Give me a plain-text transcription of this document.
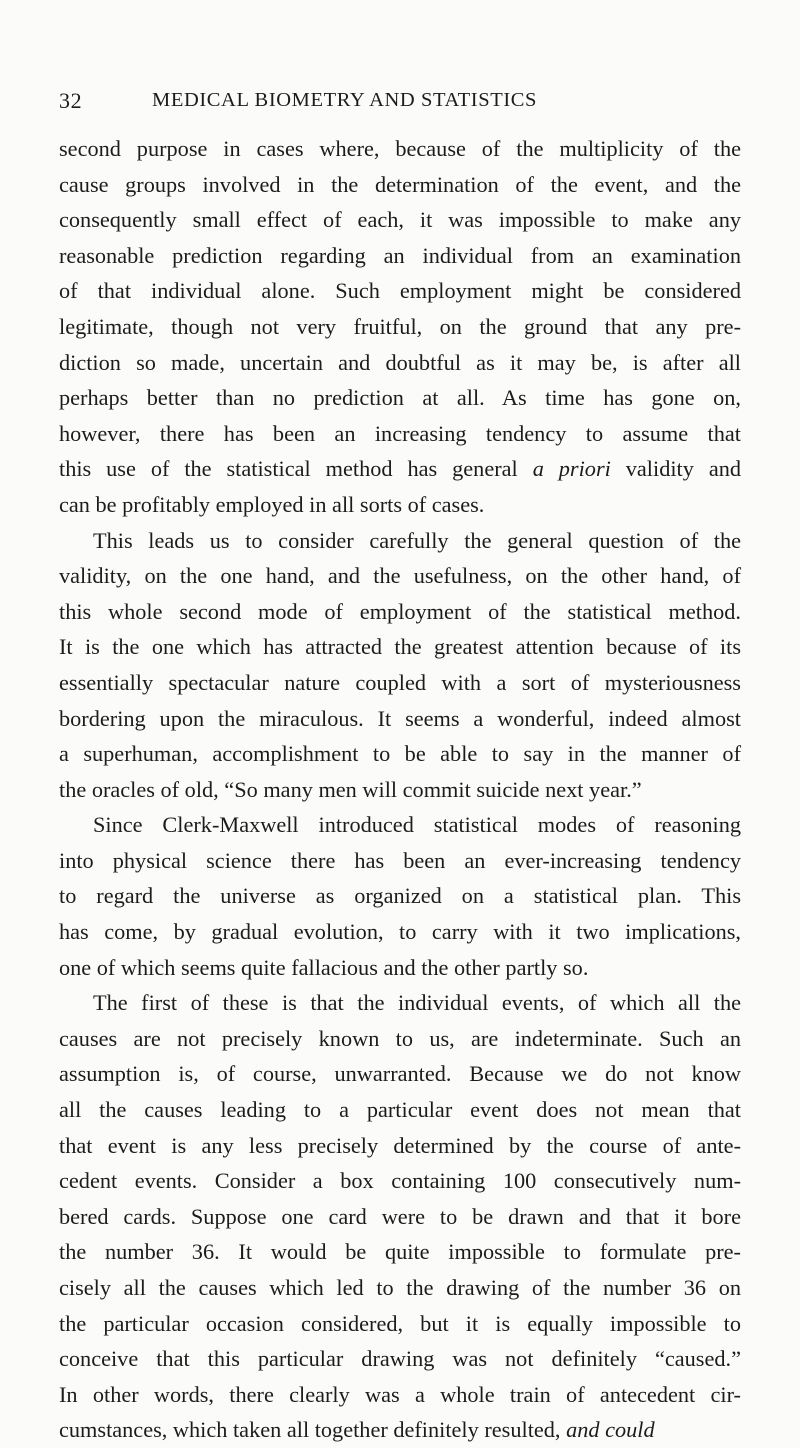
32	MEDICAL BIOMETRY AND STATISTICS
second purpose in cases where, because of the multiplicity of the
cause groups involved in the determination of the event, and the
consequently small effect of each, it was impossible to make any
reasonable prediction regarding an individual from an examination
of that individual alone. Such employment might be considered
legitimate, though not very fruitful, on the ground that any pre-
diction so made, uncertain and doubtful as it may be, is after all
perhaps better than no prediction at all. As time has gone on,
however, there has been an increasing tendency to assume that
this use of the statistical method has general a priori validity and
can be profitably employed in all sorts of cases.
This leads us to consider carefully the general question of the
validity, on the one hand, and the usefulness, on the other hand, of
this whole second mode of employment of the statistical method.
It is the one which has attracted the greatest attention because of its
essentially spectacular nature coupled with a sort of mysteriousness
bordering upon the miraculous. It seems a wonderful, indeed almost
a superhuman, accomplishment to be able to say in the manner of
the oracles of old, “So many men will commit suicide next year.”
Since Clerk-Maxwell introduced statistical modes of reasoning
into physical science there has been an ever-increasing tendency
to regard the universe as organized on a statistical plan. This
has come, by gradual evolution, to carry with it two implications,
one of which seems quite fallacious and the other partly so.
The first of these is that the individual events, of which all the
causes are not precisely known to us, are indeterminate. Such an
assumption is, of course, unwarranted. Because we do not know
all the causes leading to a particular event does not mean that
that event is any less precisely determined by the course of ante-
cedent events. Consider a box containing 100 consecutively num-
bered cards. Suppose one card were to be drawn and that it bore
the number 36. It would be quite impossible to formulate pre-
cisely all the causes which led to the drawing of the number 36 on
the particular occasion considered, but it is equally impossible to
conceive that this particular drawing was not definitely “caused.”
In other words, there clearly was a whole train of antecedent cir-
cumstances, which taken all together definitely resulted, and could
